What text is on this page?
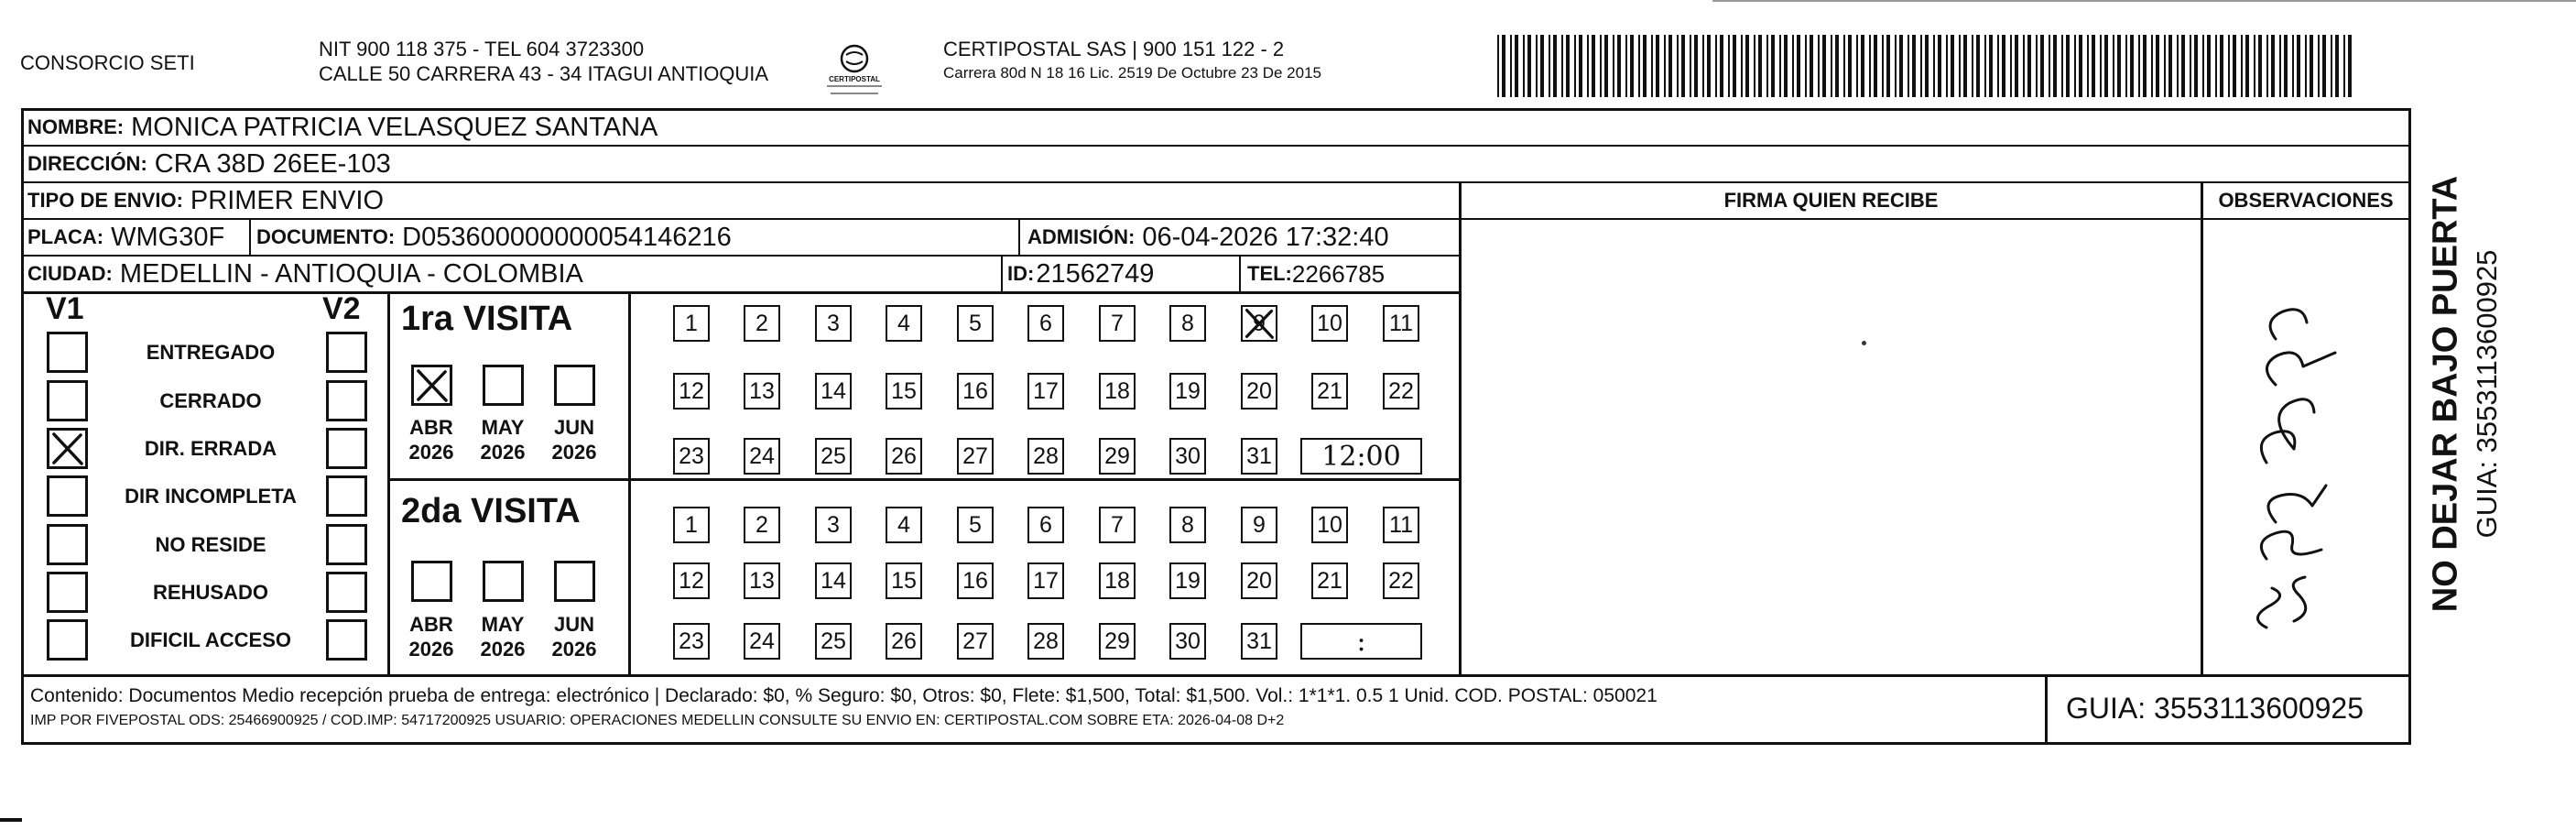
CONSORCIO SETI
NIT 900 118 375 - TEL 604 3723300
CALLE 50 CARRERA 43 - 34 ITAGUI ANTIOQUIA	CERTIPOSTAL
CERTIPOSTAL SAS | 900 151 122 - 2
Carrera 80d N 18 16 Lic. 2519 De Octubre 23 De 2015
NOMBRE: MONICA PATRICIA VELASQUEZ SANTANA
DIRECCIÓN: CRA 38D 26EE-103
TIPO DE ENVIO: PRIMER ENVIO	FIRMA QUIEN RECIBE	OBSERVACIONES
PLACA: WMG30F DOCUMENTO: D053600000000054146216	ADMISIÓN: 06-04-2026 17:32:40
CIUDAD: MEDELLIN - ANTIOQUIA - COLOMBIA	ID: 21562749	TEL: 2266785
V1	V2
ENTREGADO
CERRADO
DIR. ERRADA
DIR INCOMPLETA
NO RESIDE
REHUSADO
DIFICIL ACCESO
1ra VISITA
2da VISITA
ABR
2026
MAY
2026
JUN
2026
ABR
2026
MAY
2026
JUN
2026
1	2	3	4	5	6	7	8	9 10 11
12 13 14 15 16 17 18 19 20 21 22
23 24 25 26 27 28 29 30 31	12:00
1	2	3	4	5	6	7	8	9 10 11
12 13 14 15 16 17 18 19 20 21 22
23 24 25 26 27 28 29 30 31	:
NO DEJAR BAJO PUERTA GUIA: 3553113600925
Contenido: Documentos Medio recepción prueba de entrega: electrónico | Declarado: $0, % Seguro: $0, Otros: $0, Flete: $1,500, Total: $1,500. Vol.: 1*1*1. 0.5 1 Unid. COD. POSTAL: 050021
IMP POR FIVEPOSTAL ODS: 25466900925 / COD.IMP: 54717200925 USUARIO: OPERACIONES MEDELLIN CONSULTE SU ENVIO EN: CERTIPOSTAL.COM SOBRE ETA: 2026-04-08 D+2	GUIA: 3553113600925
